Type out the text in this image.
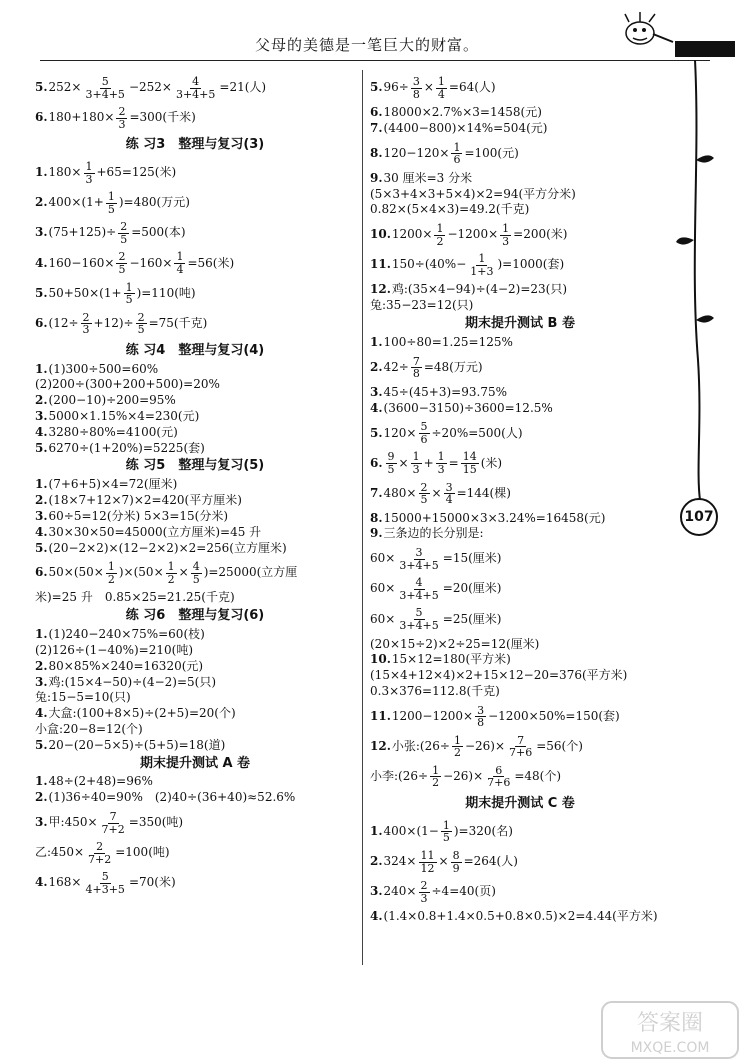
父母的美德是一笔巨大的财富。
107
5. $252\times \frac{5}{3+4+5} -252\times \frac{4}{3+4+5} =21$(人)
6. $180+180\times \frac{2}{3} =300$(千米)
练 习3　整理与复习(3)
1. $180\times \frac{1}{3} +65=125$(米)
2. $400\times(1+ \frac{1}{5} )=480$(万元)
3. $(75+125)\div \frac{2}{5} =500$(本)
4. $160-160\times \frac{2}{5} -160\times \frac{1}{4} =56$(米)
5. $50+50\times(1+ \frac{1}{5} )=110$(吨)
6. $(12\div \frac{2}{3} +12)\div \frac{2}{5} =75$(千克)
练 习4　整理与复习(4)
1. (1)300÷500=60%
(2)200÷(300+200+500)=20%
2. (200−10)÷200=95%
3. 5000×1.15%×4=230(元)
4. 3280÷80%=4100(元)
5. 6270÷(1+20%)=5225(套)
练 习5　整理与复习(5)
1. (7+6+5)×4=72(厘米)
2. (18×7+12×7)×2=420(平方厘米)
3. 60÷5=12(分米) 5×3=15(分米)
4. 30×30×50=45000(立方厘米)=45 升
5. (20−2×2)×(12−2×2)×2=256(立方厘米)
6. $50\times(50\times \frac{1}{2} )\times(50\times \frac{1}{2} \times \frac{4}{5} )=25000$(立方厘
米)=25 升　0.85×25=21.25(千克)
练 习6　整理与复习(6)
1. (1)240−240×75%=60(枝)
(2)126÷(1−40%)=210(吨)
2. 80×85%×240=16320(元)
3. 鸡:(15×4−50)÷(4−2)=5(只)
兔:15−5=10(只)
4. 大盒:(100+8×5)÷(2+5)=20(个)
小盒:20−8=12(个)
5. 20−(20−5×5)÷(5+5)=18(道)
期末提升测试 A 卷
1. 48÷(2+48)=96%
2. (1)36÷40=90%　(2)40÷(36+40)≈52.6%
3. 甲:450× $\frac{7}{7+2} =350$(吨)
乙:450× $\frac{2}{7+2} =100$(吨)
4. $168\times \frac{5}{4+3+5} =70$(米)
5. $96\div \frac{3}{8} \times \frac{1}{4} =64$(人)
6. 18000×2.7%×3=1458(元)
7. (4400−800)×14%=504(元)
8. $120-120\times \frac{1}{6} =100$(元)
9. 30 厘米=3 分米
(5×3+4×3+5×4)×2=94(平方分米)
0.82×(5×4×3)=49.2(千克)
10. $1200\times \frac{1}{2} -1200\times \frac{1}{3} =200$(米)
11. $150\div(40\%- \frac{1}{1+3} )=1000$(套)
12. 鸡:(35×4−94)÷(4−2)=23(只)
兔:35−23=12(只)
期末提升测试 B 卷
1. 100÷80=1.25=125%
2. $42\div \frac{7}{8} =48$(万元)
3. 45÷(45+3)=93.75%
4. (3600−3150)÷3600=12.5%
5. $120\times \frac{5}{6} \div 20\%=500$(人)
6. $\frac{9}{5} \times \frac{1}{3} + \frac{1}{3} = \frac{14}{15}$ (米)
7. $480\times \frac{2}{5} \times \frac{3}{4} =144$(棵)
8. 15000+15000×3×3.24%=16458(元)
9. 三条边的长分别是:
$60\times \frac{3}{3+4+5} =15$(厘米)
$60\times \frac{4}{3+4+5} =20$(厘米)
$60\times \frac{5}{3+4+5} =25$(厘米)
(20×15÷2)×2÷25=12(厘米)
10. 15×12=180(平方米)
(15×4+12×4)×2+15×12−20=376(平方米)
0.3×376=112.8(千克)
11. $1200-1200\times \frac{3}{8} -1200\times 50\%=150$(套)
12. 小张:(26÷ $\frac{1}{2} -26)\times \frac{7}{7+6} =56$(个)
小李:(26÷ $\frac{1}{2} -26)\times \frac{6}{7+6} =48$(个)
期末提升测试 C 卷
1. $400\times(1- \frac{1}{5} )=320$(名)
2. $324\times \frac{11}{12} \times \frac{8}{9} =264$(人)
3. $240\times \frac{2}{3} \div 4=40$(页)
4. (1.4×0.8+1.4×0.5+0.8×0.5)×2=4.44(平方米)
答案圈
MXQE.COM
